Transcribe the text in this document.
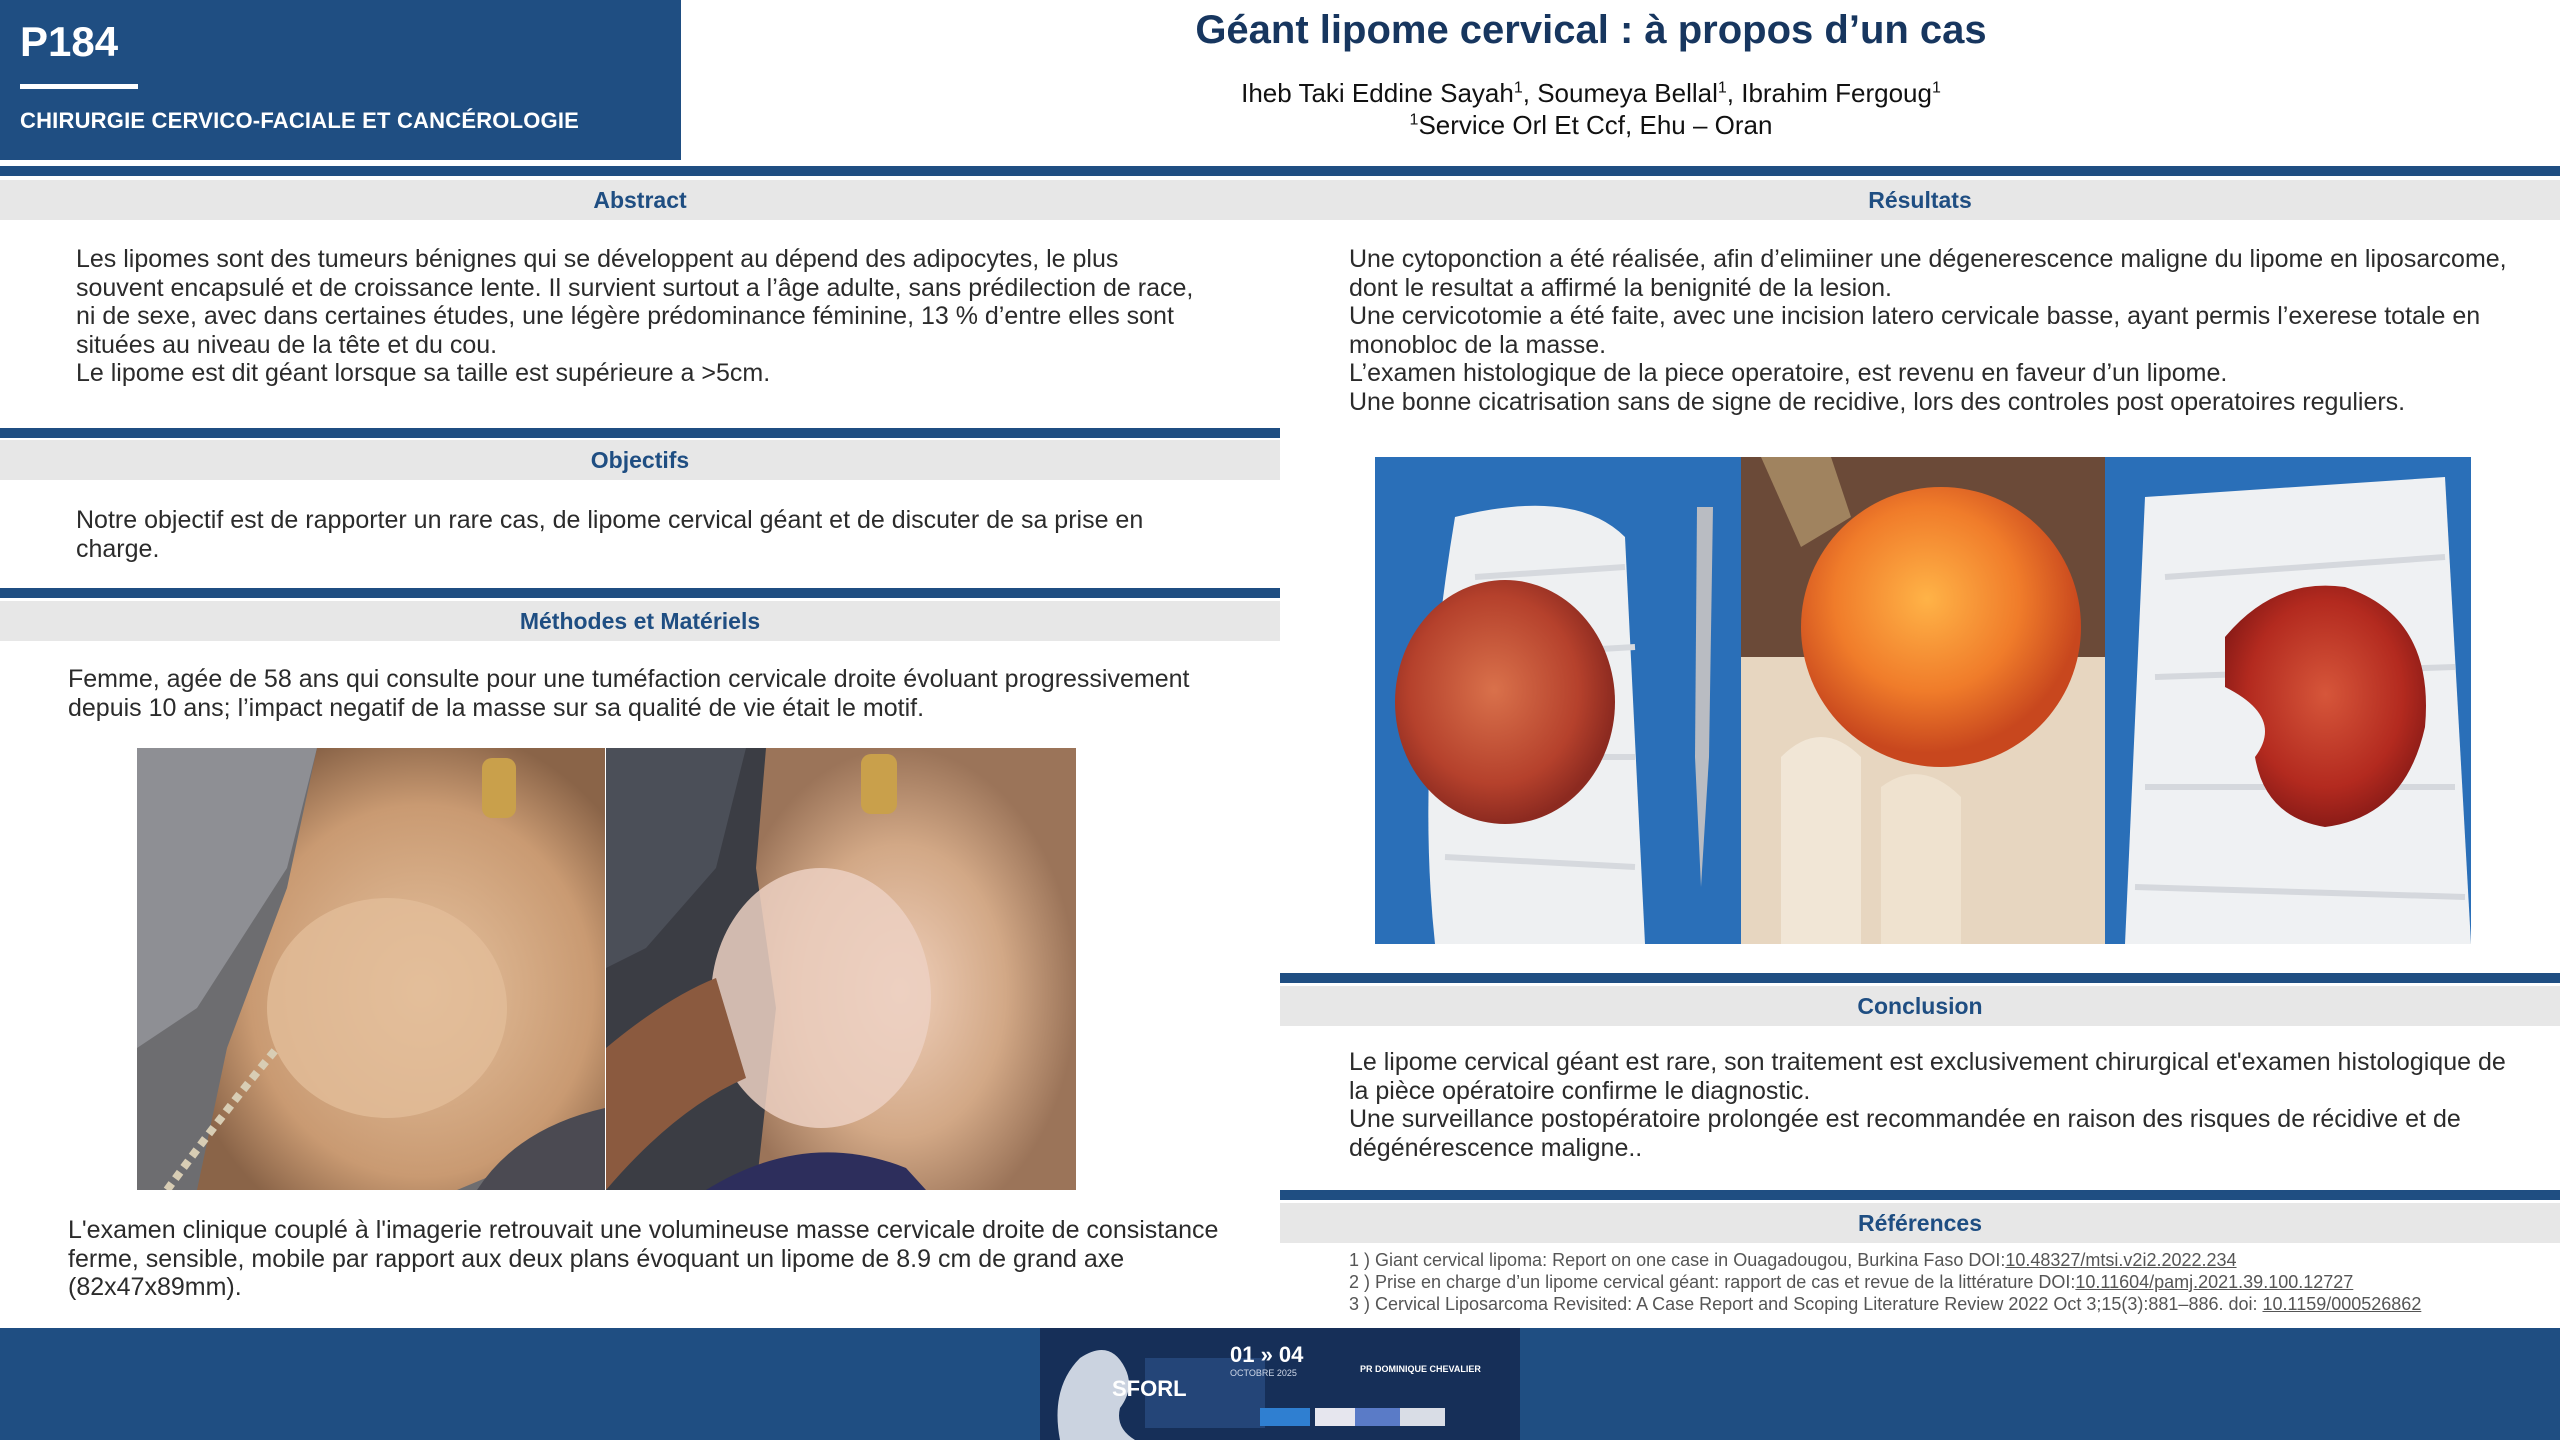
P184
CHIRURGIE CERVICO-FACIALE ET CANCÉROLOGIE
Géant lipome cervical : à propos d’un cas
Iheb Taki Eddine Sayah$^1$, Soumeya Bellal$^1$, Ibrahim Fergoug$^1$
$^1$Service Orl Et Ccf, Ehu – Oran
Abstract

Les lipomes sont des tumeurs bénignes qui se développent au dépend des adipocytes, le plus souvent encapsulé et de croissance lente. Il survient surtout a l’âge adulte, sans prédilection de race, ni de sexe, avec dans certaines études, une légère prédominance féminine, 13 % d’entre elles sont situées au niveau de la tête et du cou.

Le lipome est dit géant lorsque sa taille est supérieure a >5cm.

Objectifs

Notre objectif est de rapporter un rare cas, de lipome cervical géant et de discuter de sa prise en charge.

Méthodes et Matériels

Femme, agée de 58 ans qui consulte pour une tuméfaction cervicale droite évoluant progressivement depuis 10 ans; l’impact negatif de la masse sur sa qualité de vie était le motif.

L'examen clinique couplé à l'imagerie retrouvait une volumineuse masse cervicale droite de consistance ferme, sensible, mobile par rapport aux deux plans évoquant un lipome de 8.9 cm de grand axe (82x47x89mm).

Résultats

Une cytoponction a été réalisée, afin d’elimiiner une dégenerescence maligne du lipome en liposarcome, dont le resultat a affirmé la benignité de la lesion.

Une cervicotomie a été faite, avec une incision latero cervicale basse, ayant permis l’exerese totale en monobloc de la masse.

L’examen histologique de la piece operatoire, est revenu en faveur d’un lipome.

Une bonne cicatrisation sans de signe de recidive, lors des controles post operatoires reguliers.

Conclusion

Le lipome cervical géant est rare, son traitement est exclusivement chirurgical et'examen histologique de la pièce opératoire confirme le diagnostic.

Une surveillance postopératoire prolongée est recommandée en raison des risques de récidive et de dégénérescence maligne..

Références
1 ) Giant cervical lipoma: Report on one case in Ouagadougou, Burkina Faso DOI:10.48327/mtsi.v2i2.2022.234
2 ) Prise en charge d’un lipome cervical géant: rapport de cas et revue de la littérature DOI:10.11604/pamj.2021.39.100.12727
3 ) Cervical Liposarcoma Revisited: A Case Report and Scoping Literature Review 2022 Oct 3;15(3):881–886. doi: 10.1159/000526862
SFORL
01 » 04
OCTOBRE 2025	PR DOMINIQUE CHEVALIER
